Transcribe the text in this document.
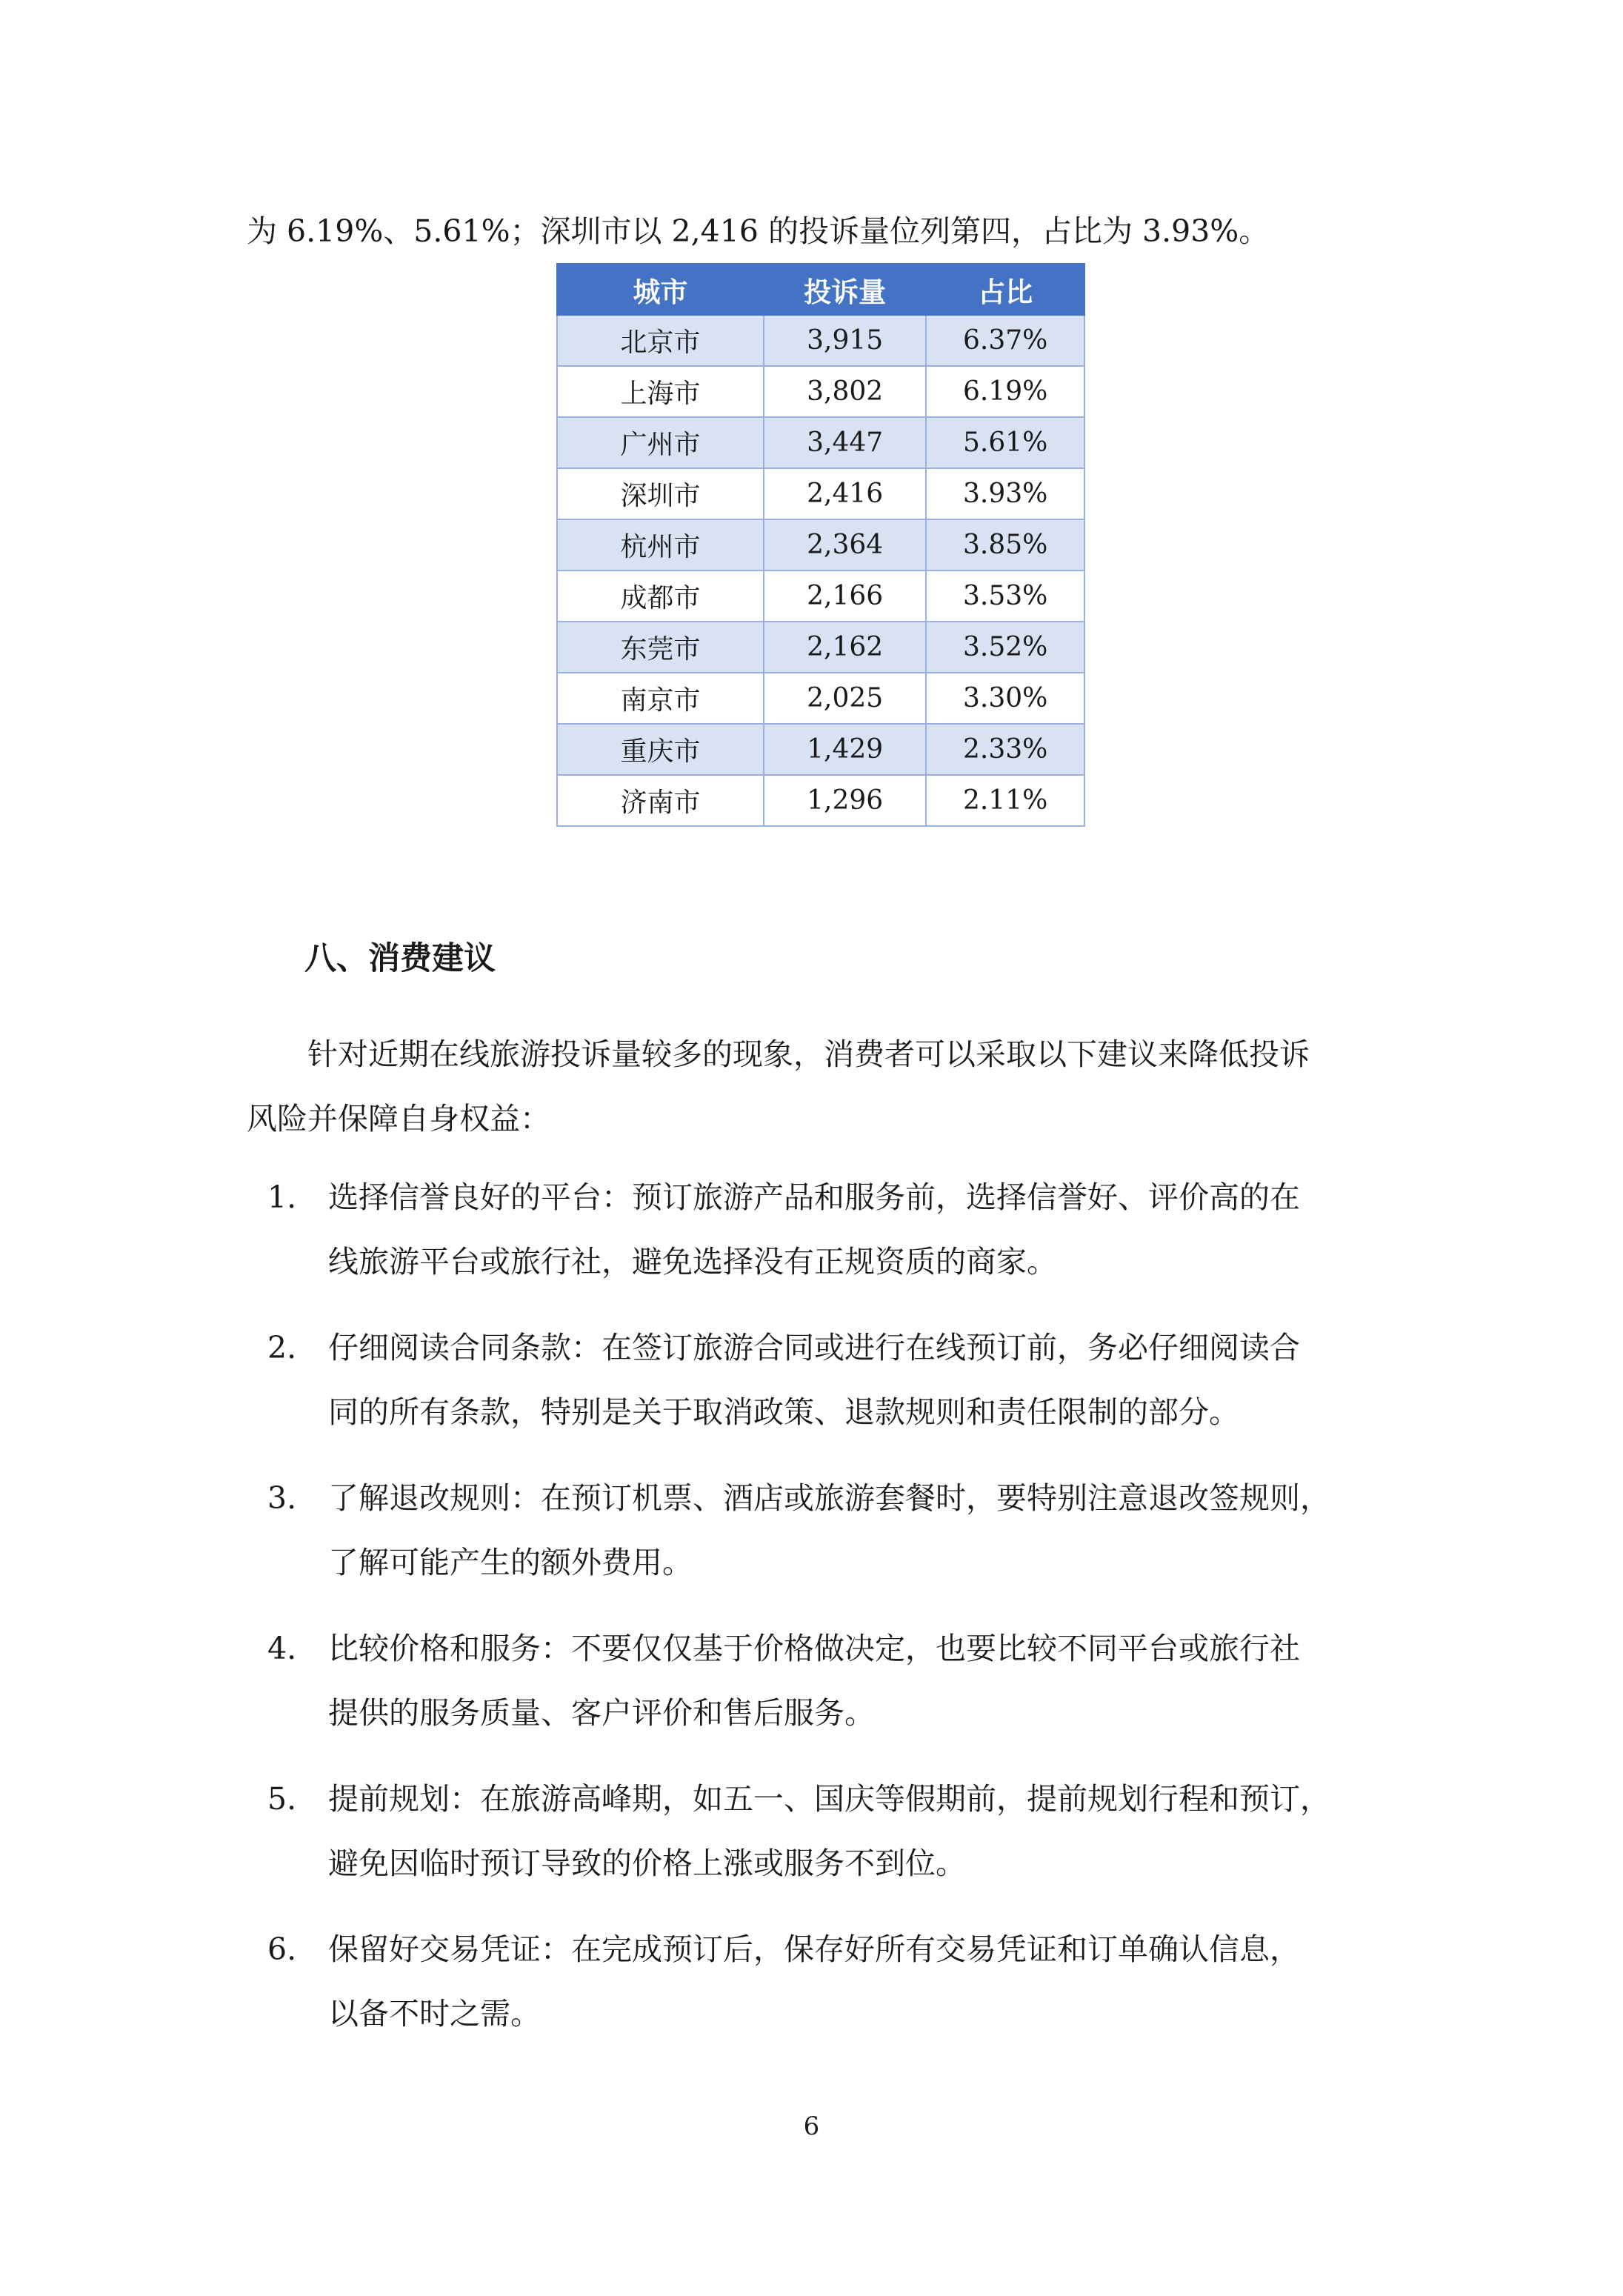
为 6.19%、5.61%；深圳市以 2,416 的投诉量位列第四，占比为 3.93%。
城市	投诉量	占比
北京市	3,915	6.37%
上海市	3,802	6.19%
广州市	3,447	5.61%
深圳市	2,416	3.93%
杭州市	2,364	3.85%
成都市	2,166	3.53%
东莞市	2,162	3.52%
南京市	2,025	3.30%
重庆市	1,429	2.33%
济南市	1,296	2.11%
八、消费建议
针对近期在线旅游投诉量较多的现象，消费者可以采取以下建议来降低投诉
风险并保障自身权益：
1. 选择信誉良好的平台：预订旅游产品和服务前，选择信誉好、评价高的在
线旅游平台或旅行社，避免选择没有正规资质的商家。
2. 仔细阅读合同条款：在签订旅游合同或进行在线预订前，务必仔细阅读合
同的所有条款，特别是关于取消政策、退款规则和责任限制的部分。
3. 了解退改规则：在预订机票、酒店或旅游套餐时，要特别注意退改签规则，
了解可能产生的额外费用。
4. 比较价格和服务：不要仅仅基于价格做决定，也要比较不同平台或旅行社
提供的服务质量、客户评价和售后服务。
5. 提前规划：在旅游高峰期，如五一、国庆等假期前，提前规划行程和预订，
避免因临时预订导致的价格上涨或服务不到位。
6. 保留好交易凭证：在完成预订后，保存好所有交易凭证和订单确认信息，
以备不时之需。
6
